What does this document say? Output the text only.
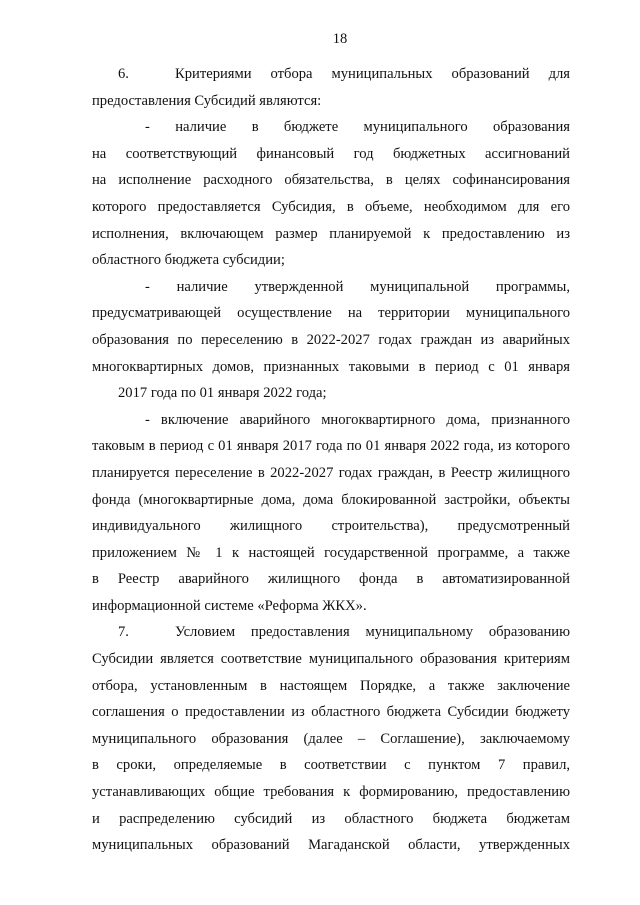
18
6.	Критериями отбора муниципальных образований для
предоставления Субсидий являются:
- наличие в бюджете муниципального образования
на соответствующий финансовый год бюджетных ассигнований
на исполнение расходного обязательства, в целях софинансирования
которого предоставляется Субсидия, в объеме, необходимом для его
исполнения, включающем размер планируемой к предоставлению из
областного бюджета субсидии;
- наличие утвержденной муниципальной программы,
предусматривающей осуществление на территории муниципального
образования по переселению в 2022-2027 годах граждан из аварийных
многоквартирных домов, признанных таковыми в период с 01 января
2017 года по 01 января 2022 года;
- включение аварийного многоквартирного дома, признанного
таковым в период с 01 января 2017 года по 01 января 2022 года, из которого
планируется переселение в 2022-2027 годах граждан, в Реестр жилищного
фонда (многоквартирные дома, дома блокированной застройки, объекты
индивидуального жилищного строительства), предусмотренный
приложением № 1 к настоящей государственной программе, а также
в Реестр аварийного жилищного фонда в автоматизированной
информационной системе «Реформа ЖКХ».
7.	Условием предоставления муниципальному образованию
Субсидии является соответствие муниципального образования критериям
отбора, установленным в настоящем Порядке, а также заключение
соглашения о предоставлении из областного бюджета Субсидии бюджету
муниципального образования (далее – Соглашение), заключаемому
в сроки, определяемые в соответствии с пунктом 7 правил,
устанавливающих общие требования к формированию, предоставлению
и распределению субсидий из областного бюджета бюджетам
муниципальных образований Магаданской области, утвержденных
